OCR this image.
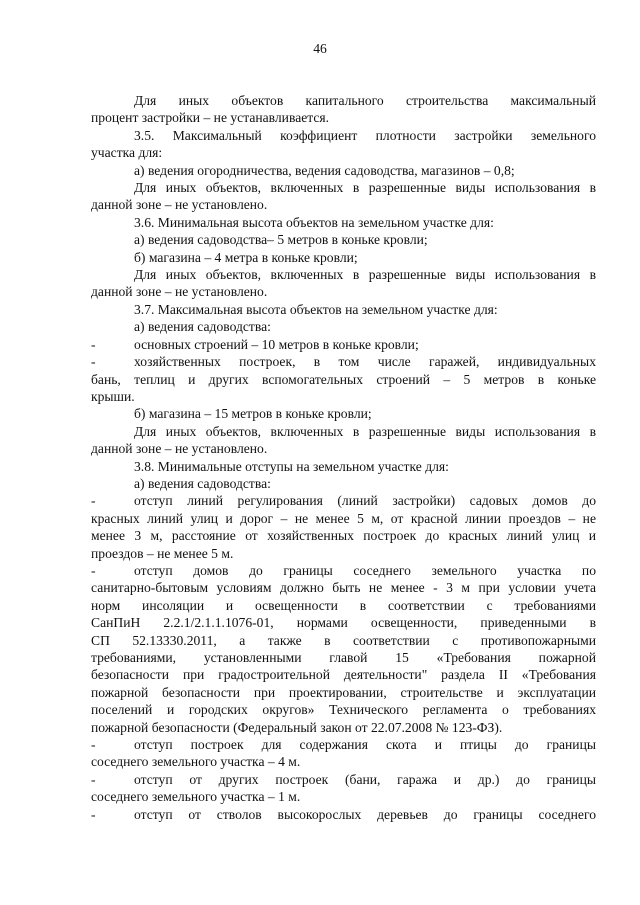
46

Для иных объектов капитального строительства максимальный

процент застройки – не устанавливается.

3.5. Максимальный коэффициент плотности застройки земельного

участка для:

а) ведения огородничества, ведения садоводства, магазинов – 0,8;

Для иных объектов, включенных в разрешенные виды использования в

данной зоне – не установлено.

3.6. Минимальная высота объектов на земельном участке для:

а) ведения садоводства– 5 метров в коньке кровли;

б) магазина – 4 метра в коньке кровли;

Для иных объектов, включенных в разрешенные виды использования в

данной зоне – не установлено.

3.7. Максимальная высота объектов на земельном участке для:

а) ведения садоводства:

-	основных строений – 10 метров в коньке кровли;
-	хозяйственных построек, в том числе гаражей, индивидуальных

бань, теплиц и других вспомогательных строений – 5 метров в коньке

крыши.

б) магазина – 15 метров в коньке кровли;

Для иных объектов, включенных в разрешенные виды использования в

данной зоне – не установлено.

3.8. Минимальные отступы на земельном участке для:

а) ведения садоводства:

-	отступ линий регулирования (линий застройки) садовых домов до

красных линий улиц и дорог – не менее 5 м, от красной линии проездов – не

менее 3 м, расстояние от хозяйственных построек до красных линий улиц и

проездов – не менее 5 м.

-	отступ домов до границы соседнего земельного участка по

санитарно-бытовым условиям должно быть не менее - 3 м при условии учета

норм инсоляции и освещенности в соответствии с требованиями

СанПиН 2.2.1/2.1.1.1076-01, нормами освещенности, приведенными в

СП 52.13330.2011, а также в соответствии с противопожарными

требованиями, установленными главой 15 «Требования пожарной

безопасности при градостроительной деятельности" раздела II «Требования

пожарной безопасности при проектировании, строительстве и эксплуатации

поселений и городских округов» Технического регламента о требованиях

пожарной безопасности (Федеральный закон от 22.07.2008 № 123-ФЗ).

-	отступ построек для содержания скота и птицы до границы

соседнего земельного участка – 4 м.

-	отступ от других построек (бани, гаража и др.) до границы

соседнего земельного участка – 1 м.

-	отступ от стволов высокорослых деревьев до границы соседнего
